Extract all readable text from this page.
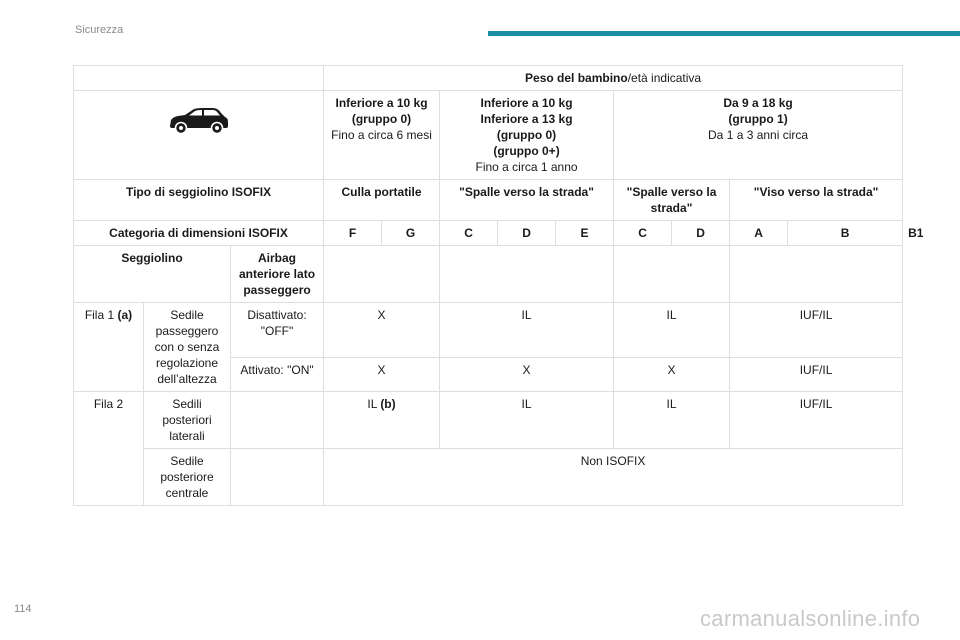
Sicurezza
			Peso del bambino/età indicativa									

Inferiore a 10 kg
(gruppo 0)
Fino a circa 6 mesi		Inferiore a 10 kg
Inferiore a 13 kg
(gruppo 0)
(gruppo 0+)
Fino a circa 1 anno			Da 9 a 18 kg
(gruppo 1)
Da 1 a 3 anni circa				

Tipo di seggiolino ISOFIX			Culla portatile		"Spalle verso la strada"			"Spalle verso la strada"		"Viso verso la strada"		
Categoria di dimensioni ISOFIX			F	G	C	D	E	C	D	A	B	B1
Seggiolino		Airbag anteriore lato passeggero										
Fila 1 (a)	Sedile passeggero con o senza regolazione dell’altezza	Disattivato: "OFF"	X		IL			IL		IUF/IL		
		Attivato: "ON"	X		X			X		IUF/IL		
Fila 2	Sedili posteriori laterali		IL (b)		IL			IL		IUF/IL		
	Sedile posteriore centrale		Non ISOFIX									
114	carmanualsonline.info
